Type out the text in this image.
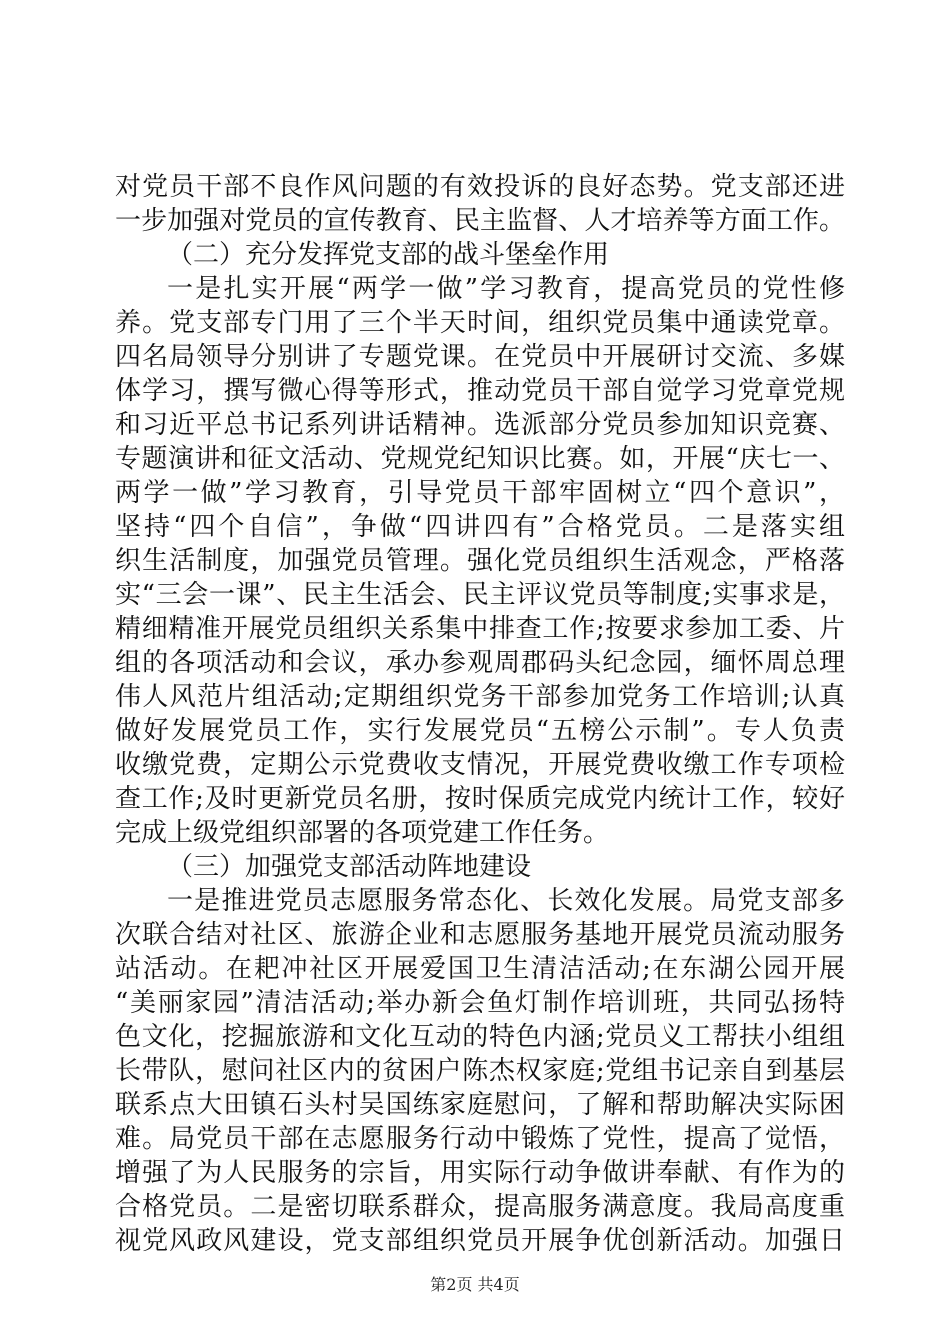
对党员干部不良作风问题的有效投诉的良好态势。党支部还进
一步加强对党员的宣传教育、民主监督、人才培养等方面工作。
（二）充分发挥党支部的战斗堡垒作用
一是扎实开展“两学一做”学习教育，提高党员的党性修
养。党支部专门用了三个半天时间，组织党员集中通读党章。
四名局领导分别讲了专题党课。在党员中开展研讨交流、多媒
体学习，撰写微心得等形式，推动党员干部自觉学习党章党规
和习近平总书记系列讲话精神。选派部分党员参加知识竞赛、
专题演讲和征文活动、党规党纪知识比赛。如，开展“庆七一、
两学一做”学习教育，引导党员干部牢固树立“四个意识”，
坚持“四个自信”，争做“四讲四有”合格党员。二是落实组
织生活制度，加强党员管理。强化党员组织生活观念，严格落
实“三会一课”、民主生活会、民主评议党员等制度;实事求是，
精细精准开展党员组织关系集中排查工作;按要求参加工委、片
组的各项活动和会议，承办参观周郡码头纪念园，缅怀周总理
伟人风范片组活动;定期组织党务干部参加党务工作培训;认真
做好发展党员工作，实行发展党员“五榜公示制”。专人负责
收缴党费，定期公示党费收支情况，开展党费收缴工作专项检
查工作;及时更新党员名册，按时保质完成党内统计工作，较好
完成上级党组织部署的各项党建工作任务。
（三）加强党支部活动阵地建设
一是推进党员志愿服务常态化、长效化发展。局党支部多
次联合结对社区、旅游企业和志愿服务基地开展党员流动服务
站活动。在耙冲社区开展爱国卫生清洁活动;在东湖公园开展
“美丽家园”清洁活动;举办新会鱼灯制作培训班，共同弘扬特
色文化，挖掘旅游和文化互动的特色内涵;党员义工帮扶小组组
长带队，慰问社区内的贫困户陈杰权家庭;党组书记亲自到基层
联系点大田镇石头村吴国练家庭慰问，了解和帮助解决实际困
难。局党员干部在志愿服务行动中锻炼了党性，提高了觉悟，
增强了为人民服务的宗旨，用实际行动争做讲奉献、有作为的
合格党员。二是密切联系群众，提高服务满意度。我局高度重
视党风政风建设，党支部组织党员开展争优创新活动。加强日
第2页 共4页
